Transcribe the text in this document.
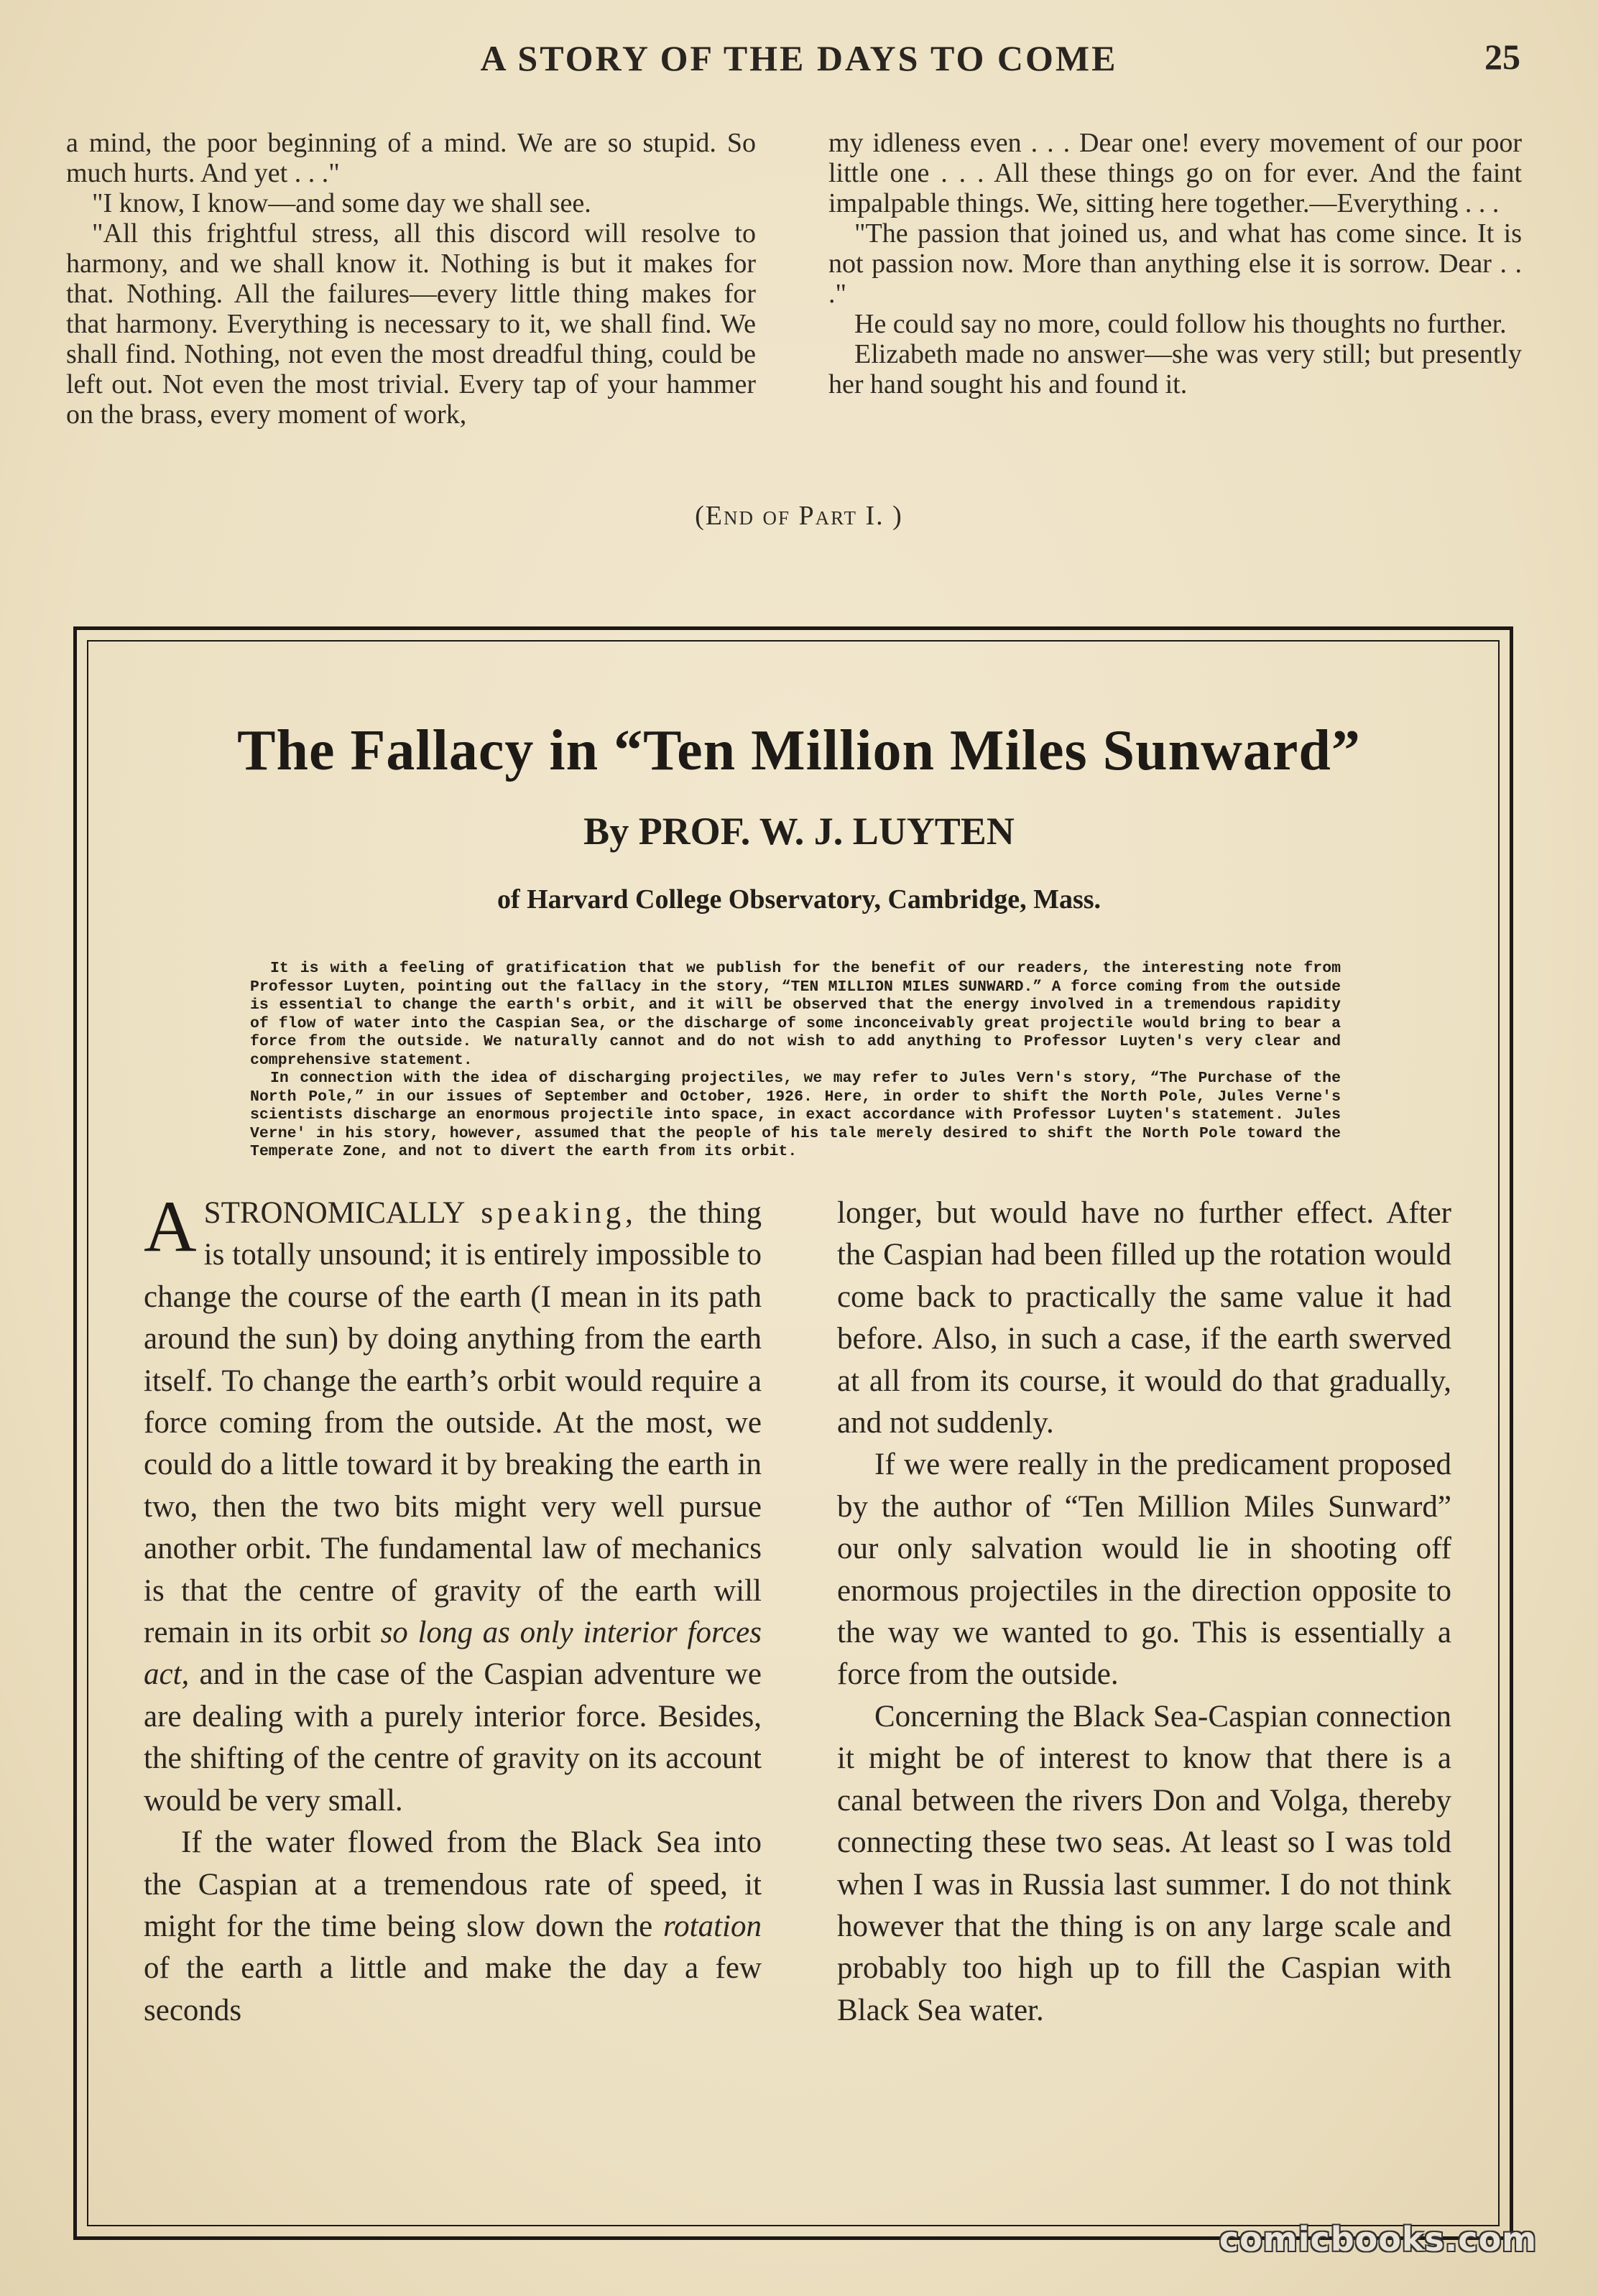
A STORY OF THE DAYS TO COME	25

a mind, the poor beginning of a mind. We are so stupid. So much hurts. And yet . . ."

"I know, I know—and some day we shall see.

"All this frightful stress, all this discord will resolve to harmony, and we shall know it. Nothing is but it makes for that. Nothing. All the failures—every little thing makes for that harmony. Everything is necessary to it, we shall find. We shall find. Nothing, not even the most dreadful thing, could be left out. Not even the most trivial. Every tap of your hammer on the brass, every moment of work,

my idleness even . . . Dear one! every movement of our poor little one . . . All these things go on for ever. And the faint impalpable things. We, sitting here together.—Everything . . .

"The passion that joined us, and what has come since. It is not passion now. More than anything else it is sorrow. Dear . . ."

He could say no more, could follow his thoughts no further.

Elizabeth made no answer—she was very still; but presently her hand sought his and found it.

(End of Part I. )
The Fallacy in “Ten Million Miles Sunward”
By PROF. W. J. LUYTEN
of Harvard College Observatory, Cambridge, Mass.

It is with a feeling of gratification that we publish for the benefit of our readers, the interesting note from Professor Luyten, pointing out the fallacy in the story, “TEN MILLION MILES SUNWARD.” A force coming from the outside is essential to change the earth's orbit, and it will be observed that the energy involved in a tremendous rapidity of flow of water into the Caspian Sea, or the discharge of some inconceivably great projectile would bring to bear a force from the outside. We naturally cannot and do not wish to add anything to Professor Luyten's very clear and comprehensive statement.

In connection with the idea of discharging projectiles, we may refer to Jules Vern's story, “The Purchase of the North Pole,” in our issues of September and October, 1926. Here, in order to shift the North Pole, Jules Verne's scientists discharge an enormous projectile into space, in exact accordance with Professor Luyten's statement. Jules Verne' in his story, however, assumed that the people of his tale merely desired to shift the North Pole toward the Temperate Zone, and not to divert the earth from its orbit.

ASTRONOMICALLY speaking, the thing is totally unsound; it is entirely impossible to change the course of the earth (I mean in its path around the sun) by doing anything from the earth itself. To change the earth’s orbit would require a force coming from the outside. At the most, we could do a little toward it by breaking the earth in two, then the two bits might very well pursue another orbit. The fundamental law of mechanics is that the centre of gravity of the earth will remain in its orbit so long as only interior forces act, and in the case of the Caspian adventure we are dealing with a purely interior force. Besides, the shifting of the centre of gravity on its account would be very small.

If the water flowed from the Black Sea into the Caspian at a tremendous rate of speed, it might for the time being slow down the rotation of the earth a little and make the day a few seconds

longer, but would have no further effect. After the Caspian had been filled up the rotation would come back to practically the same value it had before. Also, in such a case, if the earth swerved at all from its course, it would do that gradually, and not suddenly.

If we were really in the predicament proposed by the author of “Ten Million Miles Sunward” our only salvation would lie in shooting off enormous projectiles in the direction opposite to the way we wanted to go. This is essentially a force from the outside.

Concerning the Black Sea-Caspian connection it might be of interest to know that there is a canal between the rivers Don and Volga, thereby connecting these two seas. At least so I was told when I was in Russia last summer. I do not think however that the thing is on any large scale and probably too high up to fill the Caspian with Black Sea water.

comicbooks.com
